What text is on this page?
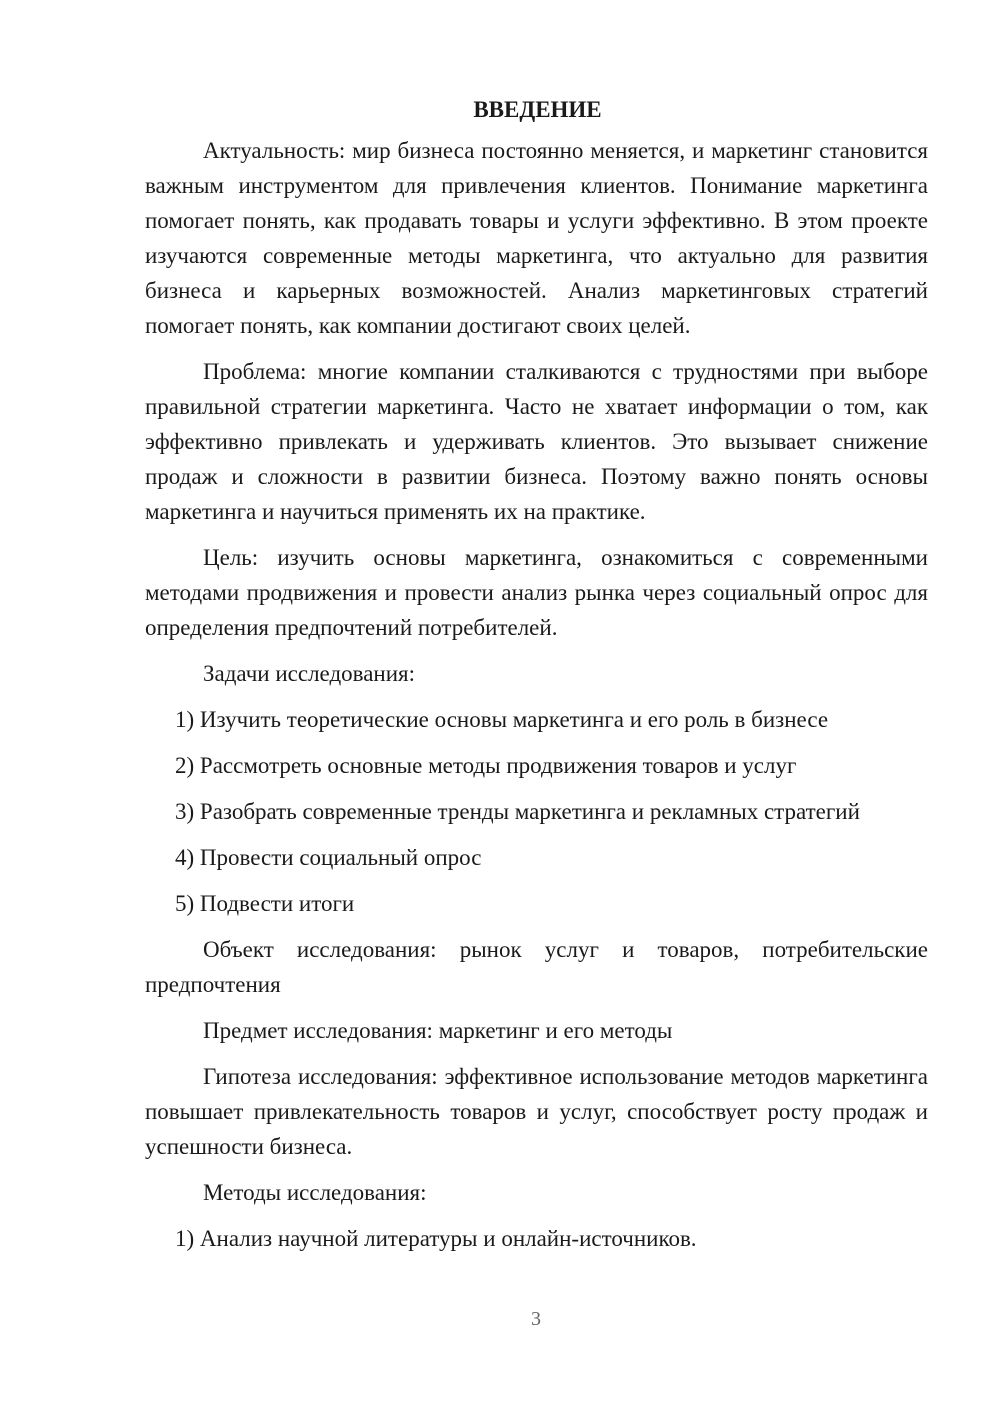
ВВЕДЕНИЕ

Актуальность: мир бизнеса постоянно меняется, и маркетинг становится важным инструментом для привлечения клиентов. Понимание маркетинга помогает понять, как продавать товары и услуги эффективно. В этом проекте изучаются современные методы маркетинга, что актуально для развития бизнеса и карьерных возможностей. Анализ маркетинговых стратегий помогает понять, как компании достигают своих целей.

Проблема: многие компании сталкиваются с трудностями при выборе правильной стратегии маркетинга. Часто не хватает информации о том, как эффективно привлекать и удерживать клиентов. Это вызывает снижение продаж и сложности в развитии бизнеса. Поэтому важно понять основы маркетинга и научиться применять их на практике.

Цель: изучить основы маркетинга, ознакомиться с современными методами продвижения и провести анализ рынка через социальный опрос для определения предпочтений потребителей.

Задачи исследования:

1) Изучить теоретические основы маркетинга и его роль в бизнесе
2) Рассмотреть основные методы продвижения товаров и услуг
3) Разобрать современные тренды маркетинга и рекламных стратегий
4) Провести социальный опрос
5) Подвести итоги

Объект исследования: рынок услуг и товаров, потребительские предпочтения

Предмет исследования: маркетинг и его методы

Гипотеза исследования: эффективное использование методов маркетинга повышает привлекательность товаров и услуг, способствует росту продаж и успешности бизнеса.

Методы исследования:

1) Анализ научной литературы и онлайн-источников.
3
